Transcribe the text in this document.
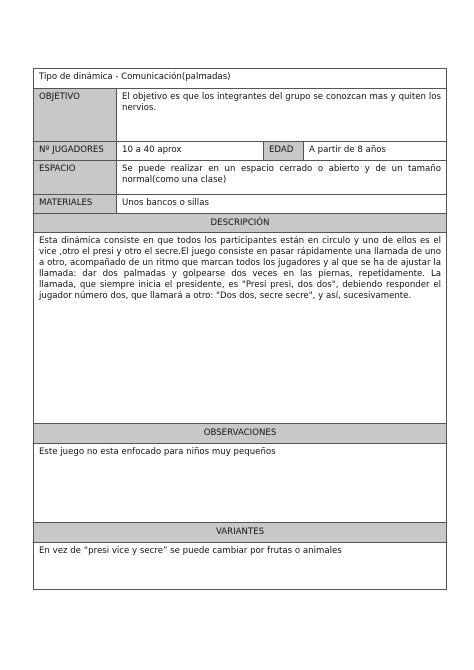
Tipo de dinámica - Comunicación(palmadas)			
OBJETIVO	El objetivo es que los integrantes del grupo se conozcan mas y quiten los nervios.		
Nº JUGADORES	10 a 40 aprox	EDAD	A partir de 8 años
ESPACIO	Se puede realizar en un espacio cerrado o abierto y de un tamaño normal(como una clase)		
MATERIALES	Unos bancos o sillas		
DESCRIPCIÓN			
Esta dinámica consiste en que todos los participantes están en circulo y uno de ellos es el vice ,otro el presi y otro el secre.El juego consiste en pasar rápidamente una llamada de uno a otro, acompañado de un ritmo que marcan todos los jugadores y al que se ha de ajustar la llamada: dar dos palmadas y golpearse dos veces en las piernas, repetidamente. La llamada, que siempre inicia el presidente, es "Presi presi, dos dos", debiendo responder el jugador número dos, que llamará a otro: "Dos dos, secre secre", y así, sucesivamente.			
OBSERVACIONES			
Este juego no esta enfocado para niños muy pequeños			
VARIANTES			
En vez de “presi vice y secre” se puede cambiar por frutas o animales			
